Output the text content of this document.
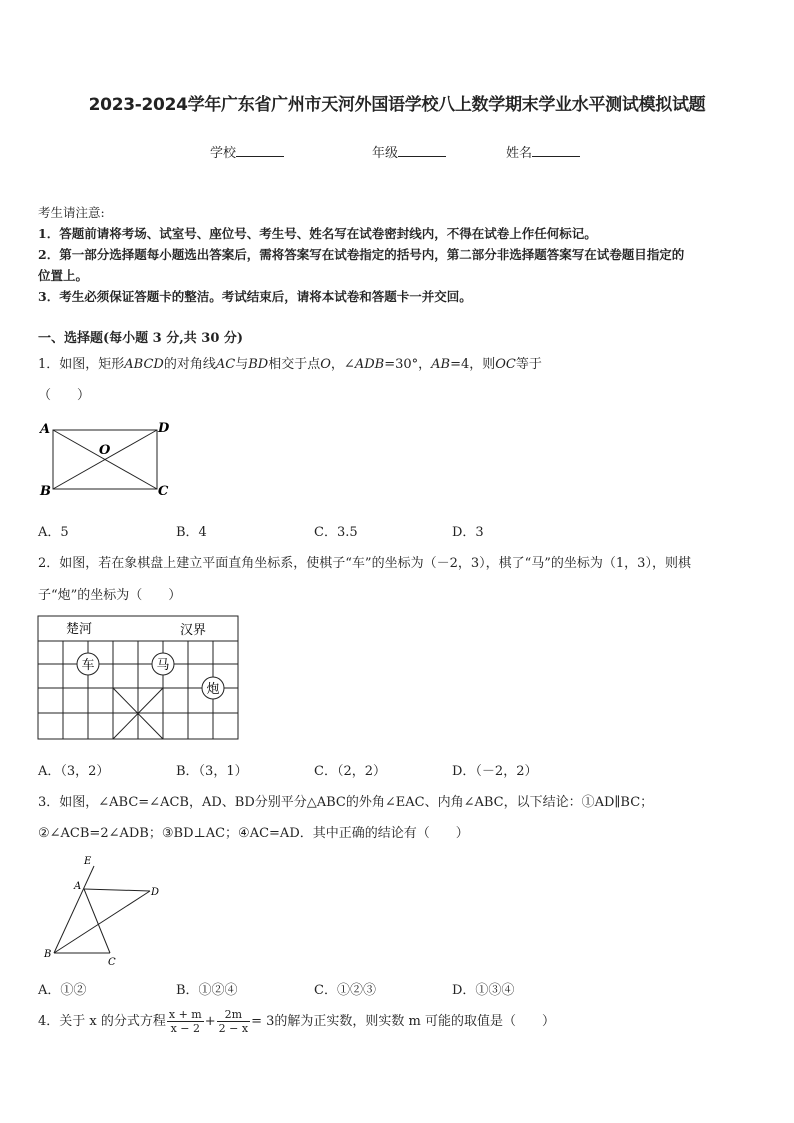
2023-2024学年广东省广州市天河外国语学校八上数学期末学业水平测试模拟试题
学校	年级	姓名
考生请注意:
1．答题前请将考场、试室号、座位号、考生号、姓名写在试卷密封线内，不得在试卷上作任何标记。
2．第一部分选择题每小题选出答案后，需将答案写在试卷指定的括号内，第二部分非选择题答案写在试卷题目指定的
位置上。
3．考生必须保证答题卡的整洁。考试结束后，请将本试卷和答题卡一并交回。
一、选择题(每小题 3 分,共 30 分)
1．如图，矩形ABCD的对角线AC与BD相交于点O，∠ADB=30°，AB=4，则OC等于
（　　）
A	D
B	C
O
A．5	B．4	C．3.5	D．3
2．如图，若在象棋盘上建立平面直角坐标系，使棋子“车”的坐标为（－2，3），棋了“马”的坐标为（1，3），则棋
子“炮”的坐标为（　　）
楚河	汉界
车	马
炮
A．（3，2）	B．（3，1）	C．（2，2）	D．（－2，2）
3．如图，∠ABC=∠ACB，AD、BD分别平分△ABC的外角∠EAC、内角∠ABC，以下结论：①AD∥BC；
②∠ACB=2∠ADB；③BD⊥AC；④AC=AD．其中正确的结论有（　　）
E
A
D
B
C
A．①②	B．①②④	C．①②③	D．①③④
4．关于 x 的分式方程 $\frac{x + m}{x - 2} + \frac{2m}{2 - x} = 3$的解为正实数，则实数 m 可能的取值是（　　）
